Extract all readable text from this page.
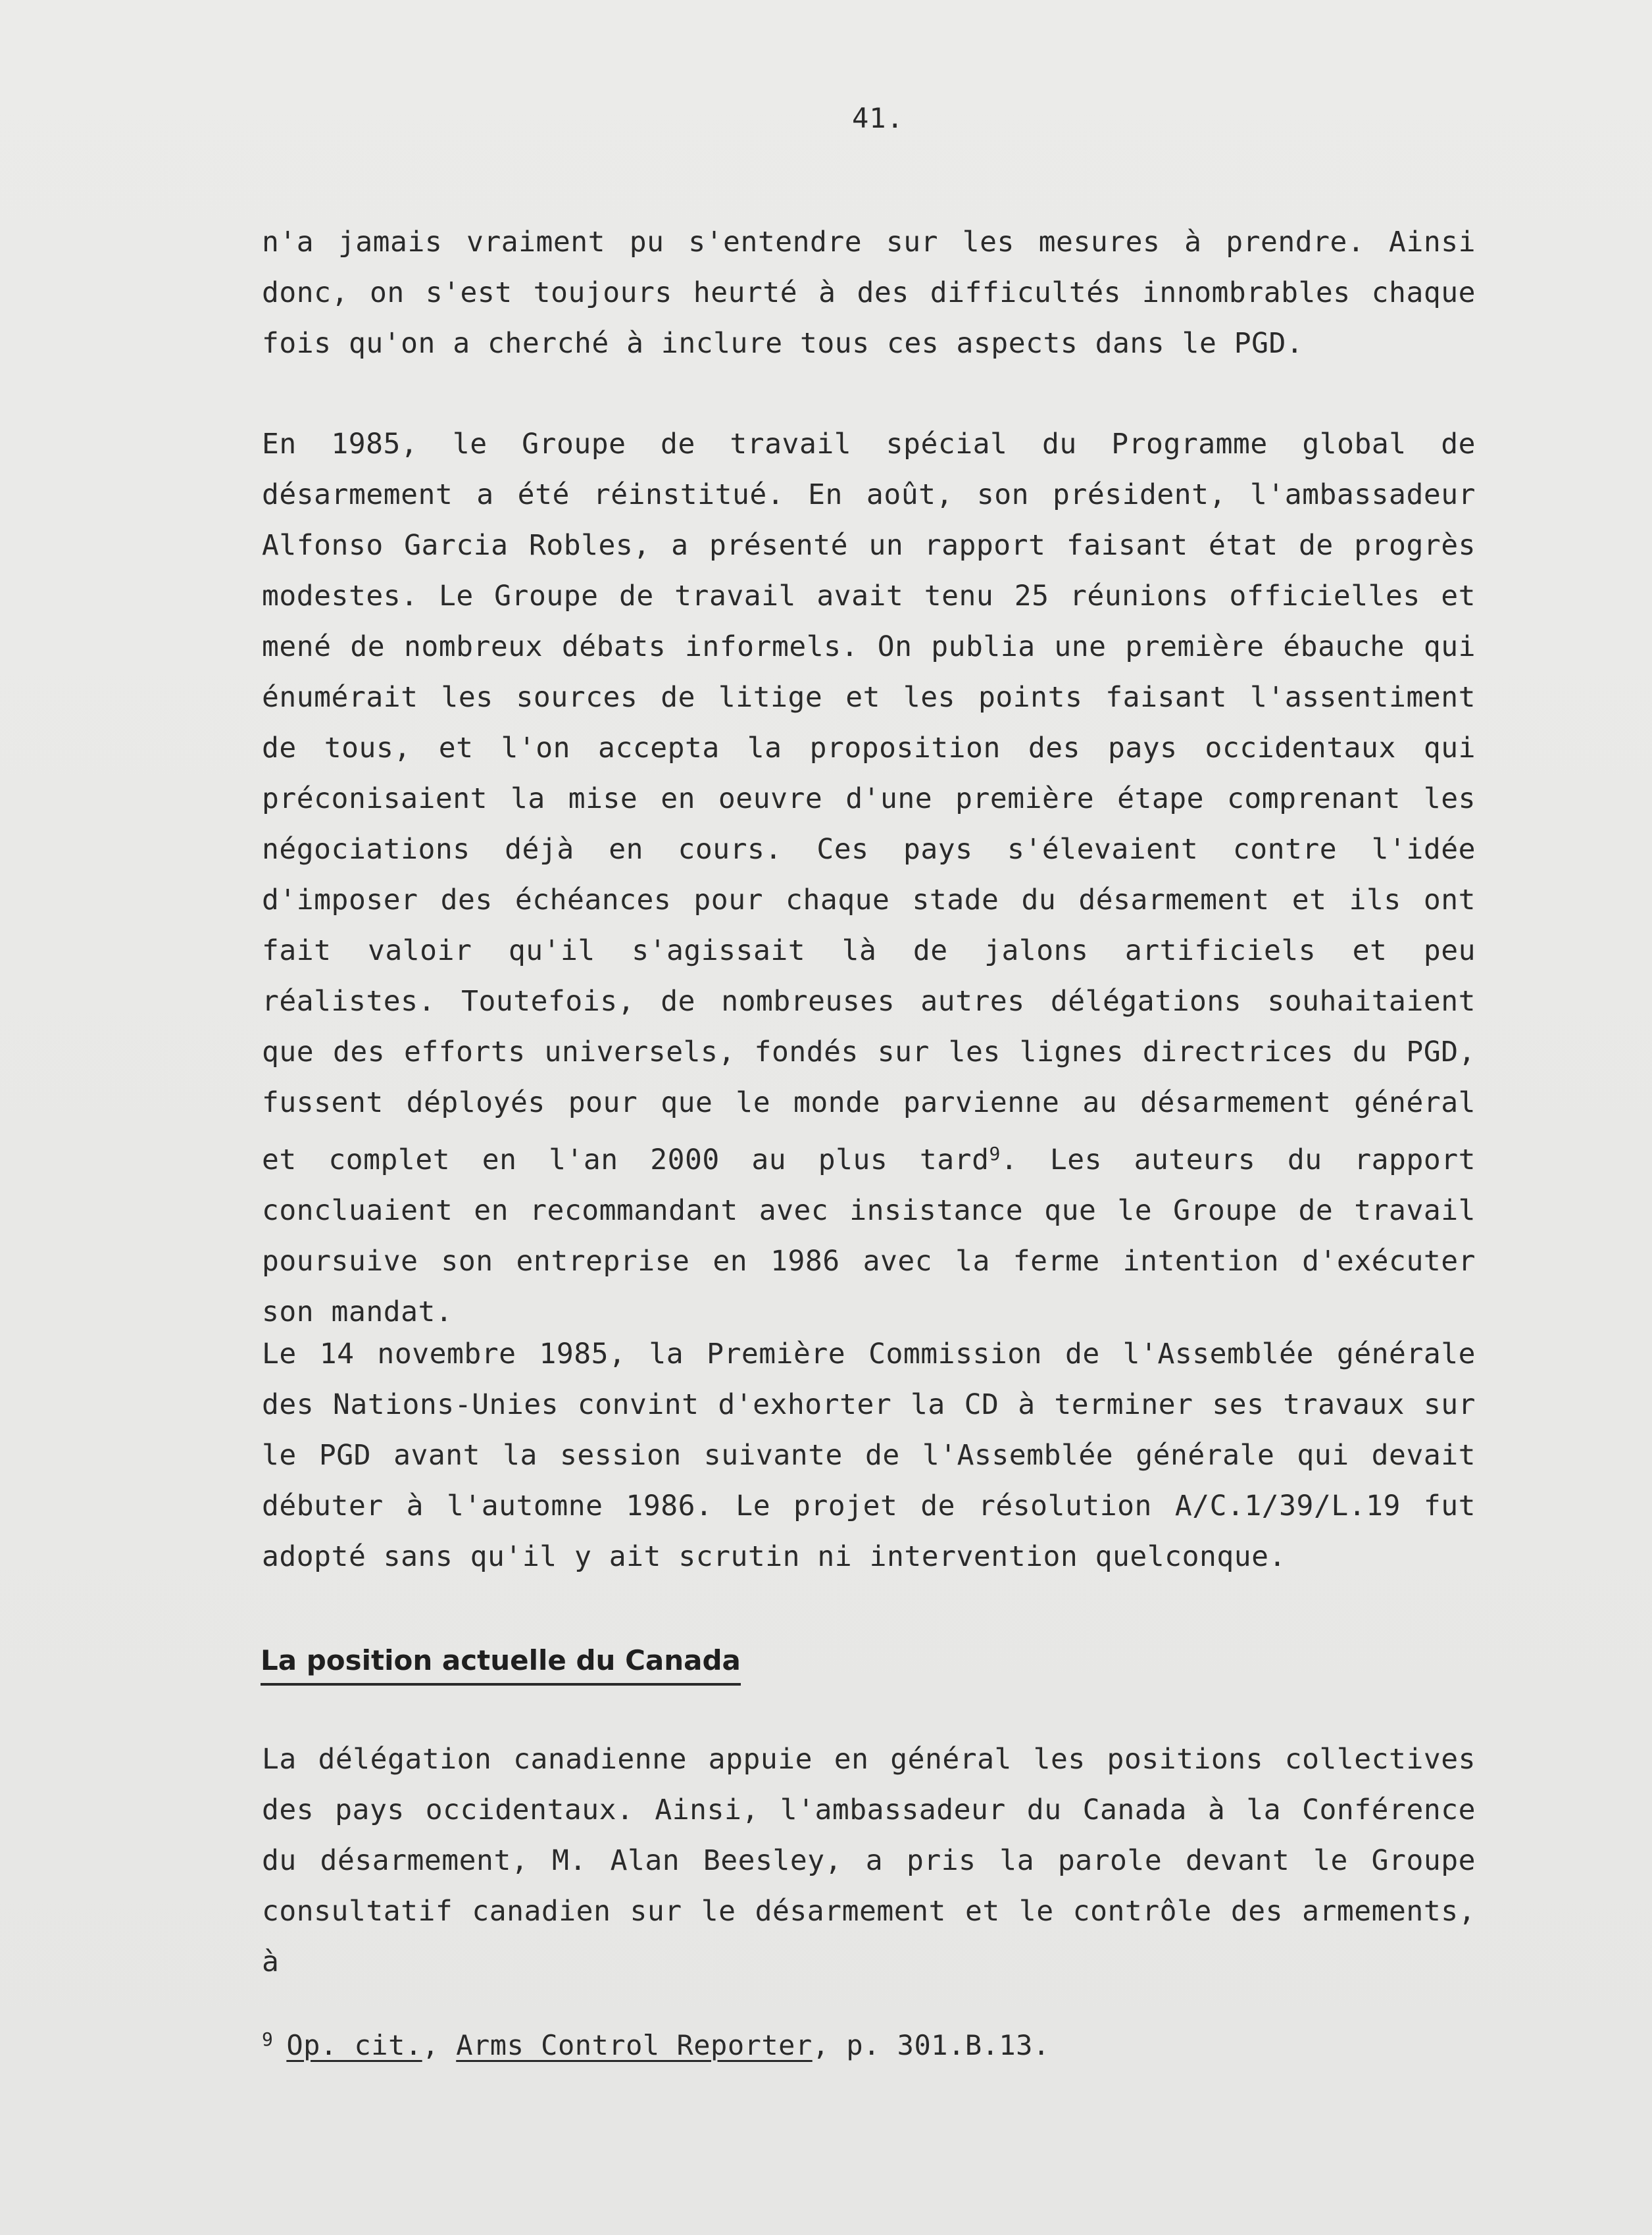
41.
n'a jamais vraiment pu s'entendre sur les mesures à prendre. Ainsi donc, on s'est toujours heurté à des difficultés innombrables chaque fois qu'on a cherché à inclure tous ces aspects dans le PGD.
En 1985, le Groupe de travail spécial du Programme global de désarmement a été réinstitué. En août, son président, l'ambassadeur Alfonso Garcia Robles, a présenté un rapport faisant état de progrès modestes. Le Groupe de travail avait tenu 25 réunions officielles et mené de nombreux débats informels. On publia une première ébauche qui énumérait les sources de litige et les points faisant l'assentiment de tous, et l'on accepta la proposition des pays occidentaux qui préconisaient la mise en oeuvre d'une première étape comprenant les négociations déjà en cours. Ces pays s'élevaient contre l'idée d'imposer des échéances pour chaque stade du désarmement et ils ont fait valoir qu'il s'agissait là de jalons artificiels et peu réalistes. Toutefois, de nombreuses autres délégations souhaitaient que des efforts universels, fondés sur les lignes directrices du PGD, fussent déployés pour que le monde parvienne au désarmement général et complet en l'an 2000 au plus tard$^9$. Les auteurs du rapport concluaient en recommandant avec insistance que le Groupe de travail poursuive son entreprise en 1986 avec la ferme intention d'exécuter son mandat.
Le 14 novembre 1985, la Première Commission de l'Assemblée générale des Nations-Unies convint d'exhorter la CD à terminer ses travaux sur le PGD avant la session suivante de l'Assemblée générale qui devait débuter à l'automne 1986. Le projet de résolution A/C.1/39/L.19 fut adopté sans qu'il y ait scrutin ni intervention quelconque.
La position actuelle du Canada
La délégation canadienne appuie en général les positions collectives des pays occidentaux. Ainsi, l'ambassadeur du Canada à la Conférence du désarmement, M. Alan Beesley, a pris la parole devant le Groupe consultatif canadien sur le désarmement et le contrôle des armements, à
$^9$ Op. cit., Arms Control Reporter, p. 301.B.13.
